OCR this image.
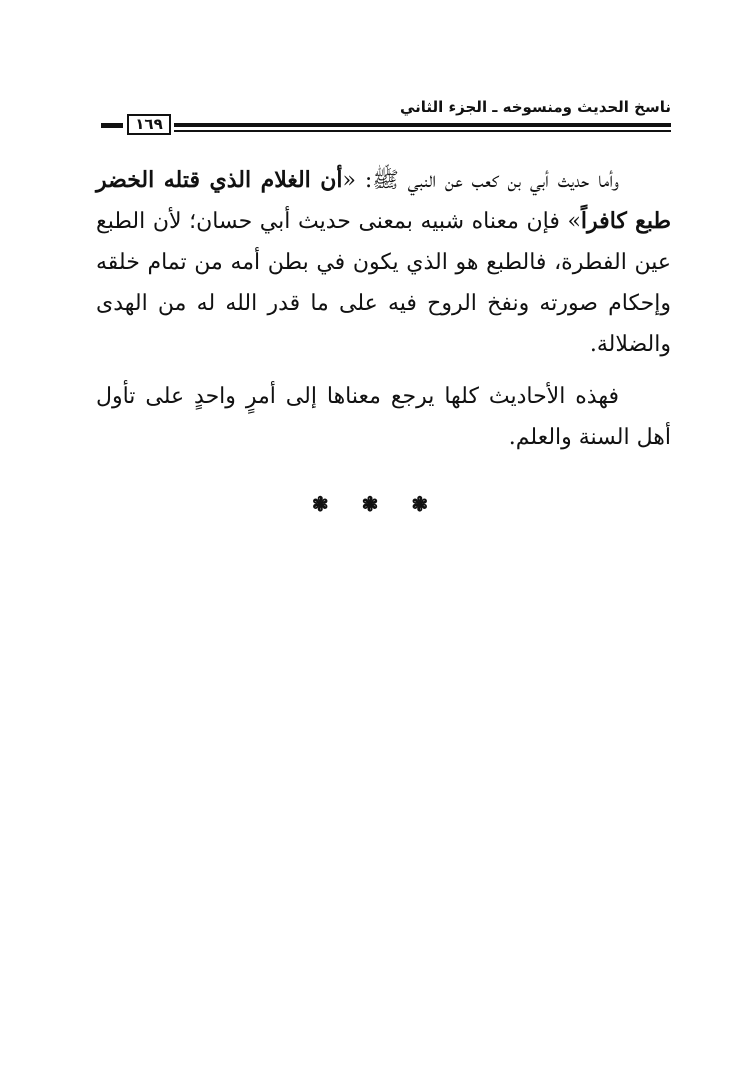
ناسخ الحديث ومنسوخه ـ الجزء الثاني
١٦٩

وأما حديث أبي بن كعب عن النبي ﷺ: «أن الغلام الذي قتله الخضر طبع كافراً» فإن معناه شبيه بمعنى حديث أبي حسان؛ لأن الطبع عين الفطرة، فالطبع هو الذي يكون في بطن أمه من تمام خلقه وإحكام صورته ونفخ الروح فيه على ما قدر الله له من الهدى والضلالة.

فهذه الأحاديث كلها يرجع معناها إلى أمرٍ واحدٍ على تأول أهل السنة والعلم.

❃ ❃ ❃
